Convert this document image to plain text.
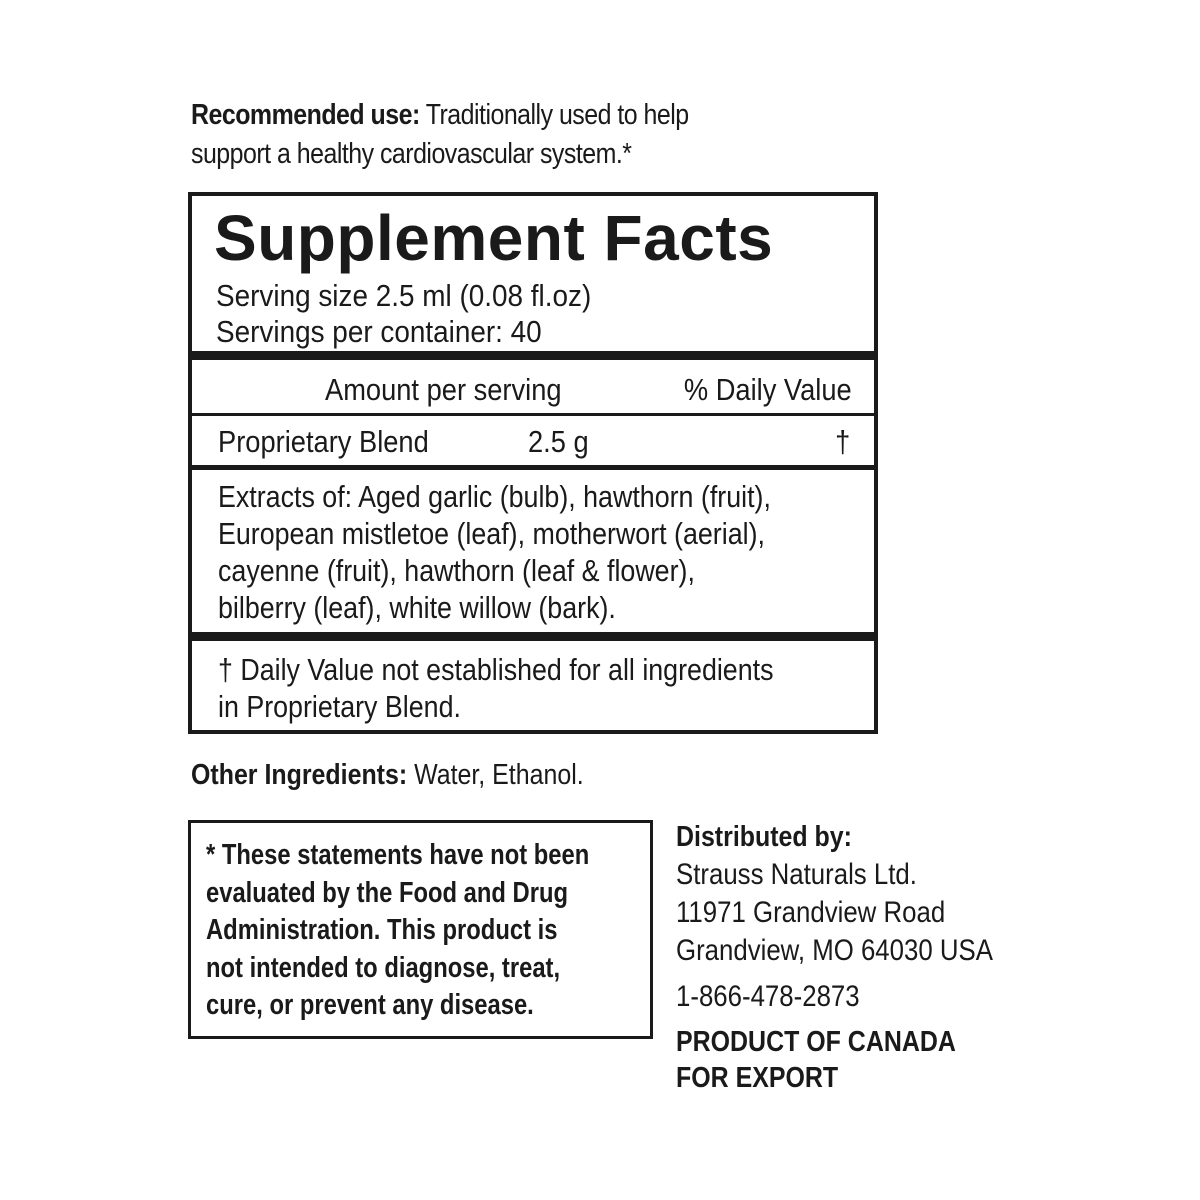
Recommended use: Traditionally used to help
support a healthy cardiovascular system.*
Supplement Facts
Serving size 2.5 ml (0.08 fl.oz)
Servings per container: 40
Amount per serving	% Daily Value
Proprietary Blend	2.5 g	†
Extracts of: Aged garlic (bulb), hawthorn (fruit),
European mistletoe (leaf), motherwort (aerial),
cayenne (fruit), hawthorn (leaf & flower),
bilberry (leaf), white willow (bark).
† Daily Value not established for all ingredients
in Proprietary Blend.
Other Ingredients: Water, Ethanol.
* These statements have not been
evaluated by the Food and Drug
Administration. This product is
not intended to diagnose, treat,
cure, or prevent any disease.
Distributed by:
Strauss Naturals Ltd.
11971 Grandview Road
Grandview, MO 64030 USA
1-866-478-2873
PRODUCT OF CANADA
FOR EXPORT
